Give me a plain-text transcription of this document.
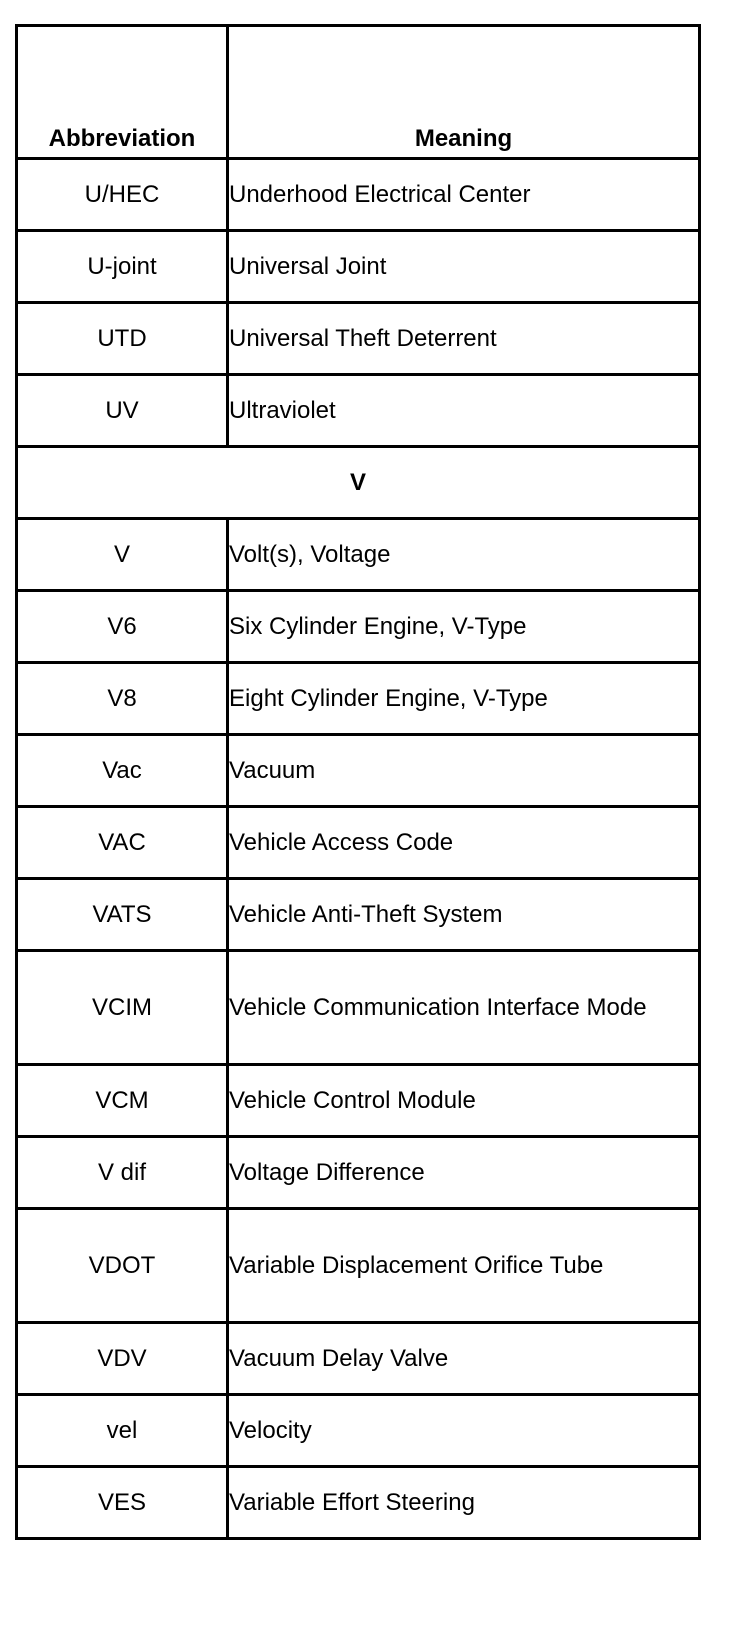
Abbreviation	Meaning
U/HEC	Underhood Electrical Center
U-joint	Universal Joint
UTD	Universal Theft Deterrent
UV	Ultraviolet
V	
V	Volt(s), Voltage
V6	Six Cylinder Engine, V-Type
V8	Eight Cylinder Engine, V-Type
Vac	Vacuum
VAC	Vehicle Access Code
VATS	Vehicle Anti-Theft System
VCIM	Vehicle Communication Interface Mode
VCM	Vehicle Control Module
V dif	Voltage Difference
VDOT	Variable Displacement Orifice Tube
VDV	Vacuum Delay Valve
vel	Velocity
VES	Variable Effort Steering
